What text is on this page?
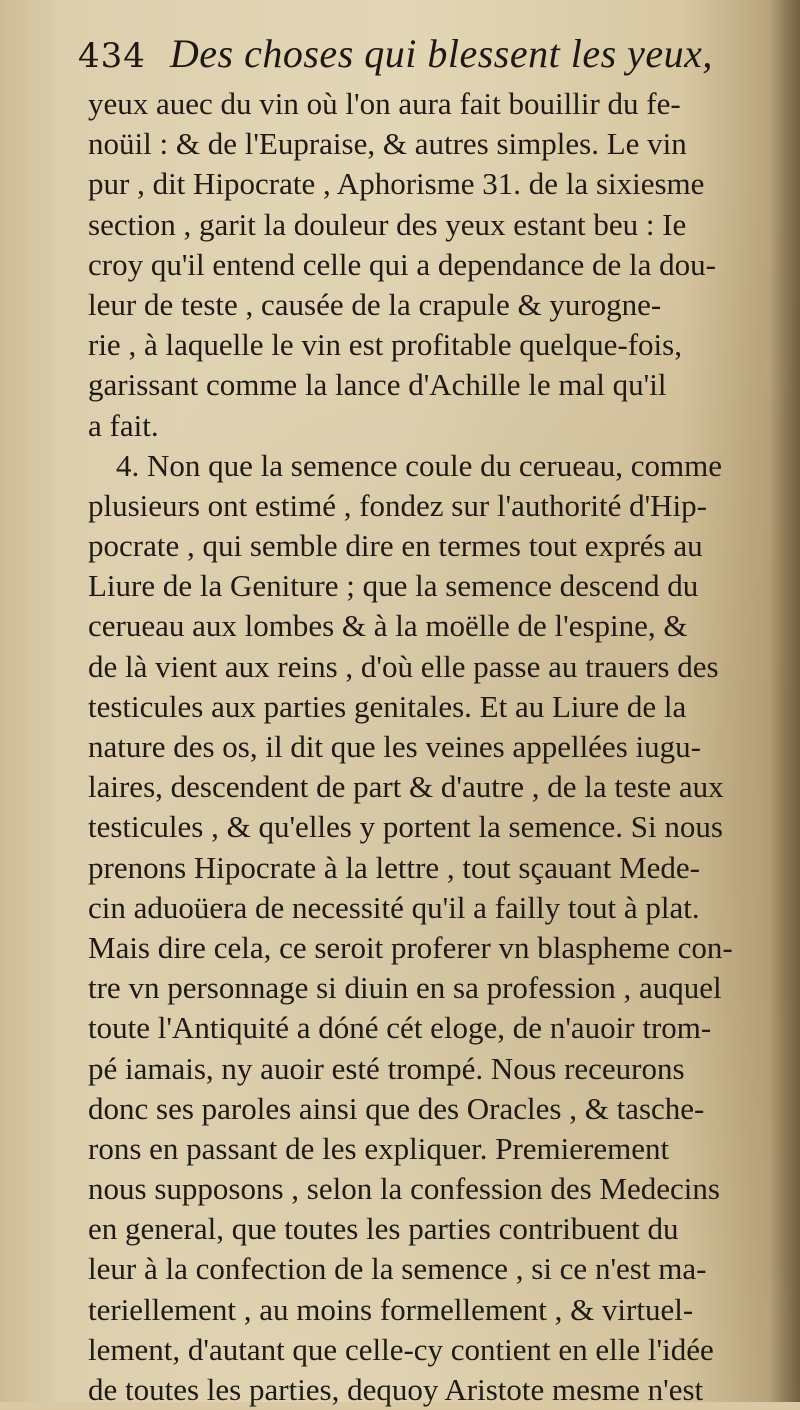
434 Des choses qui blessent les yeux,
yeux auec du vin où l'on aura fait bouillir du fe-
noüil : & de l'Eupraise, & autres simples. Le vin
pur , dit Hipocrate , Aphorisme 31. de la sixiesme
section , garit la douleur des yeux estant beu : Ie
croy qu'il entend celle qui a dependance de la dou-
leur de teste , causée de la crapule & yurogne-
rie , à laquelle le vin est profitable quelque-fois,
garissant comme la lance d'Achille le mal qu'il
a fait.
4. Non que la semence coule du cerueau, comme
plusieurs ont estimé , fondez sur l'authorité d'Hip-
pocrate , qui semble dire en termes tout exprés au
Liure de la Geniture ; que la semence descend du
cerueau aux lombes & à la moëlle de l'espine, &
de là vient aux reins , d'où elle passe au trauers des
testicules aux parties genitales. Et au Liure de la
nature des os, il dit que les veines appellées iugu-
laires, descendent de part & d'autre , de la teste aux
testicules , & qu'elles y portent la semence. Si nous
prenons Hipocrate à la lettre , tout sçauant Mede-
cin aduoüera de necessité qu'il a failly tout à plat.
Mais dire cela, ce seroit proferer vn blaspheme con-
tre vn personnage si diuin en sa profession , auquel
toute l'Antiquité a dóné cét eloge, de n'auoir trom-
pé iamais, ny auoir esté trompé. Nous receurons
donc ses paroles ainsi que des Oracles , & tasche-
rons en passant de les expliquer. Premierement
nous supposons , selon la confession des Medecins
en general, que toutes les parties contribuent du
leur à la confection de la semence , si ce n'est ma-
teriellement , au moins formellement , & virtuel-
lement, d'autant que celle-cy contient en elle l'idée
de toutes les parties, dequoy Aristote mesme n'est
